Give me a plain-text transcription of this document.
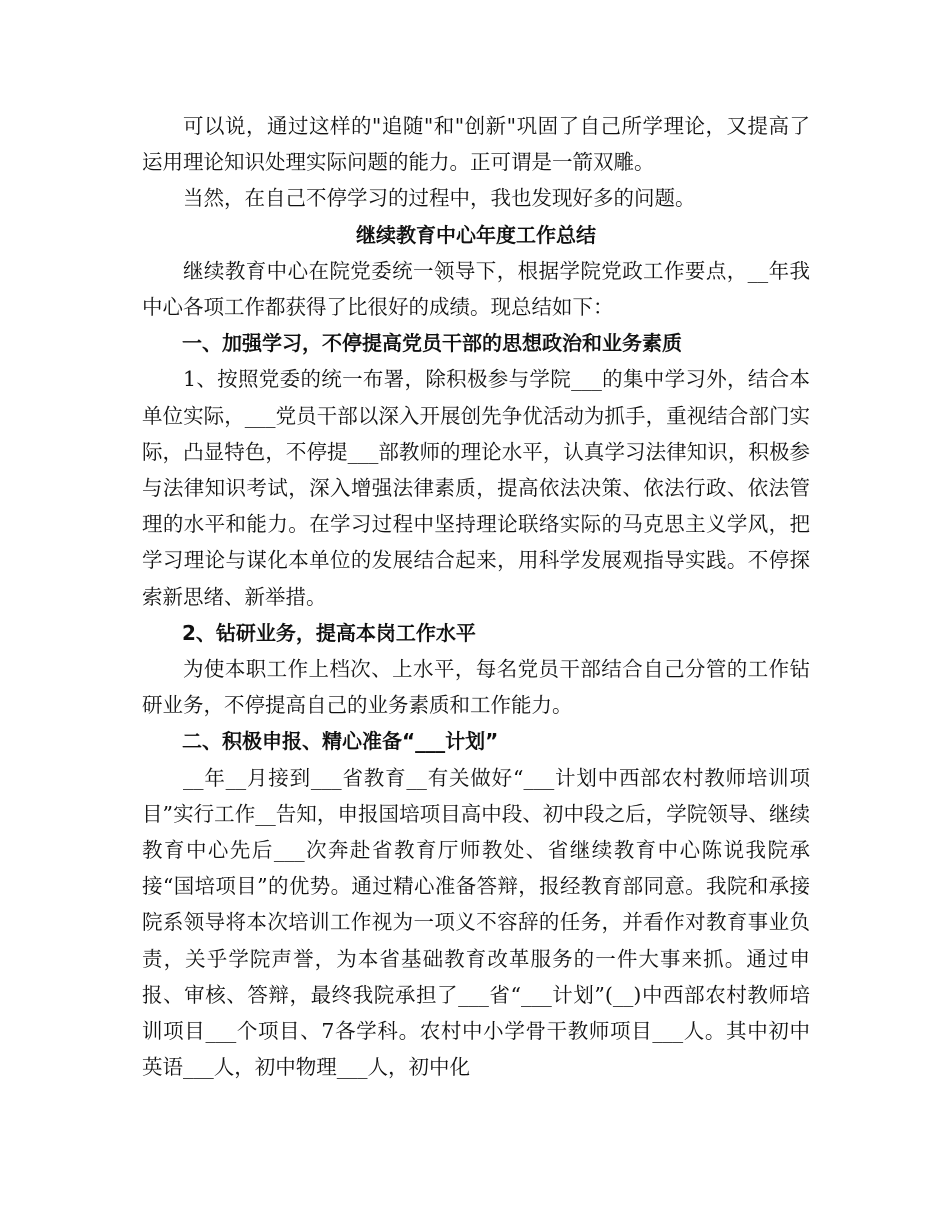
可以说，通过这样的"追随"和"创新"巩固了自己所学理论，又提高了运用理论知识处理实际问题的能力。正可谓是一箭双雕。

当然，在自己不停学习的过程中，我也发现好多的问题。

继续教育中心年度工作总结

继续教育中心在院党委统一领导下，根据学院党政工作要点，__年我中心各项工作都获得了比很好的成绩。现总结如下：

一、加强学习，不停提高党员干部的思想政治和业务素质

1、按照党委的统一布署，除积极参与学院___的集中学习外，结合本单位实际，___党员干部以深入开展创先争优活动为抓手，重视结合部门实际，凸显特色，不停提___部教师的理论水平，认真学习法律知识，积极参与法律知识考试，深入增强法律素质，提高依法决策、依法行政、依法管理的水平和能力。在学习过程中坚持理论联络实际的马克思主义学风，把学习理论与谋化本单位的发展结合起来，用科学发展观指导实践。不停探索新思绪、新举措。

2、钻研业务，提高本岗工作水平

为使本职工作上档次、上水平，每名党员干部结合自己分管的工作钻研业务，不停提高自己的业务素质和工作能力。

二、积极申报、精心准备“___计划”

__年__月接到___省教育__有关做好“___计划中西部农村教师培训项目”实行工作__告知，申报国培项目高中段、初中段之后，学院领导、继续教育中心先后___次奔赴省教育厅师教处、省继续教育中心陈说我院承接“国培项目”的优势。通过精心准备答辩，报经教育部同意。我院和承接院系领导将本次培训工作视为一项义不容辞的任务，并看作对教育事业负责，关乎学院声誉，为本省基础教育改革服务的一件大事来抓。通过申报、审核、答辩，最终我院承担了___省“___计划”(__)中西部农村教师培训项目___个项目、7各学科。农村中小学骨干教师项目___人。其中初中英语___人，初中物理___人，初中化
